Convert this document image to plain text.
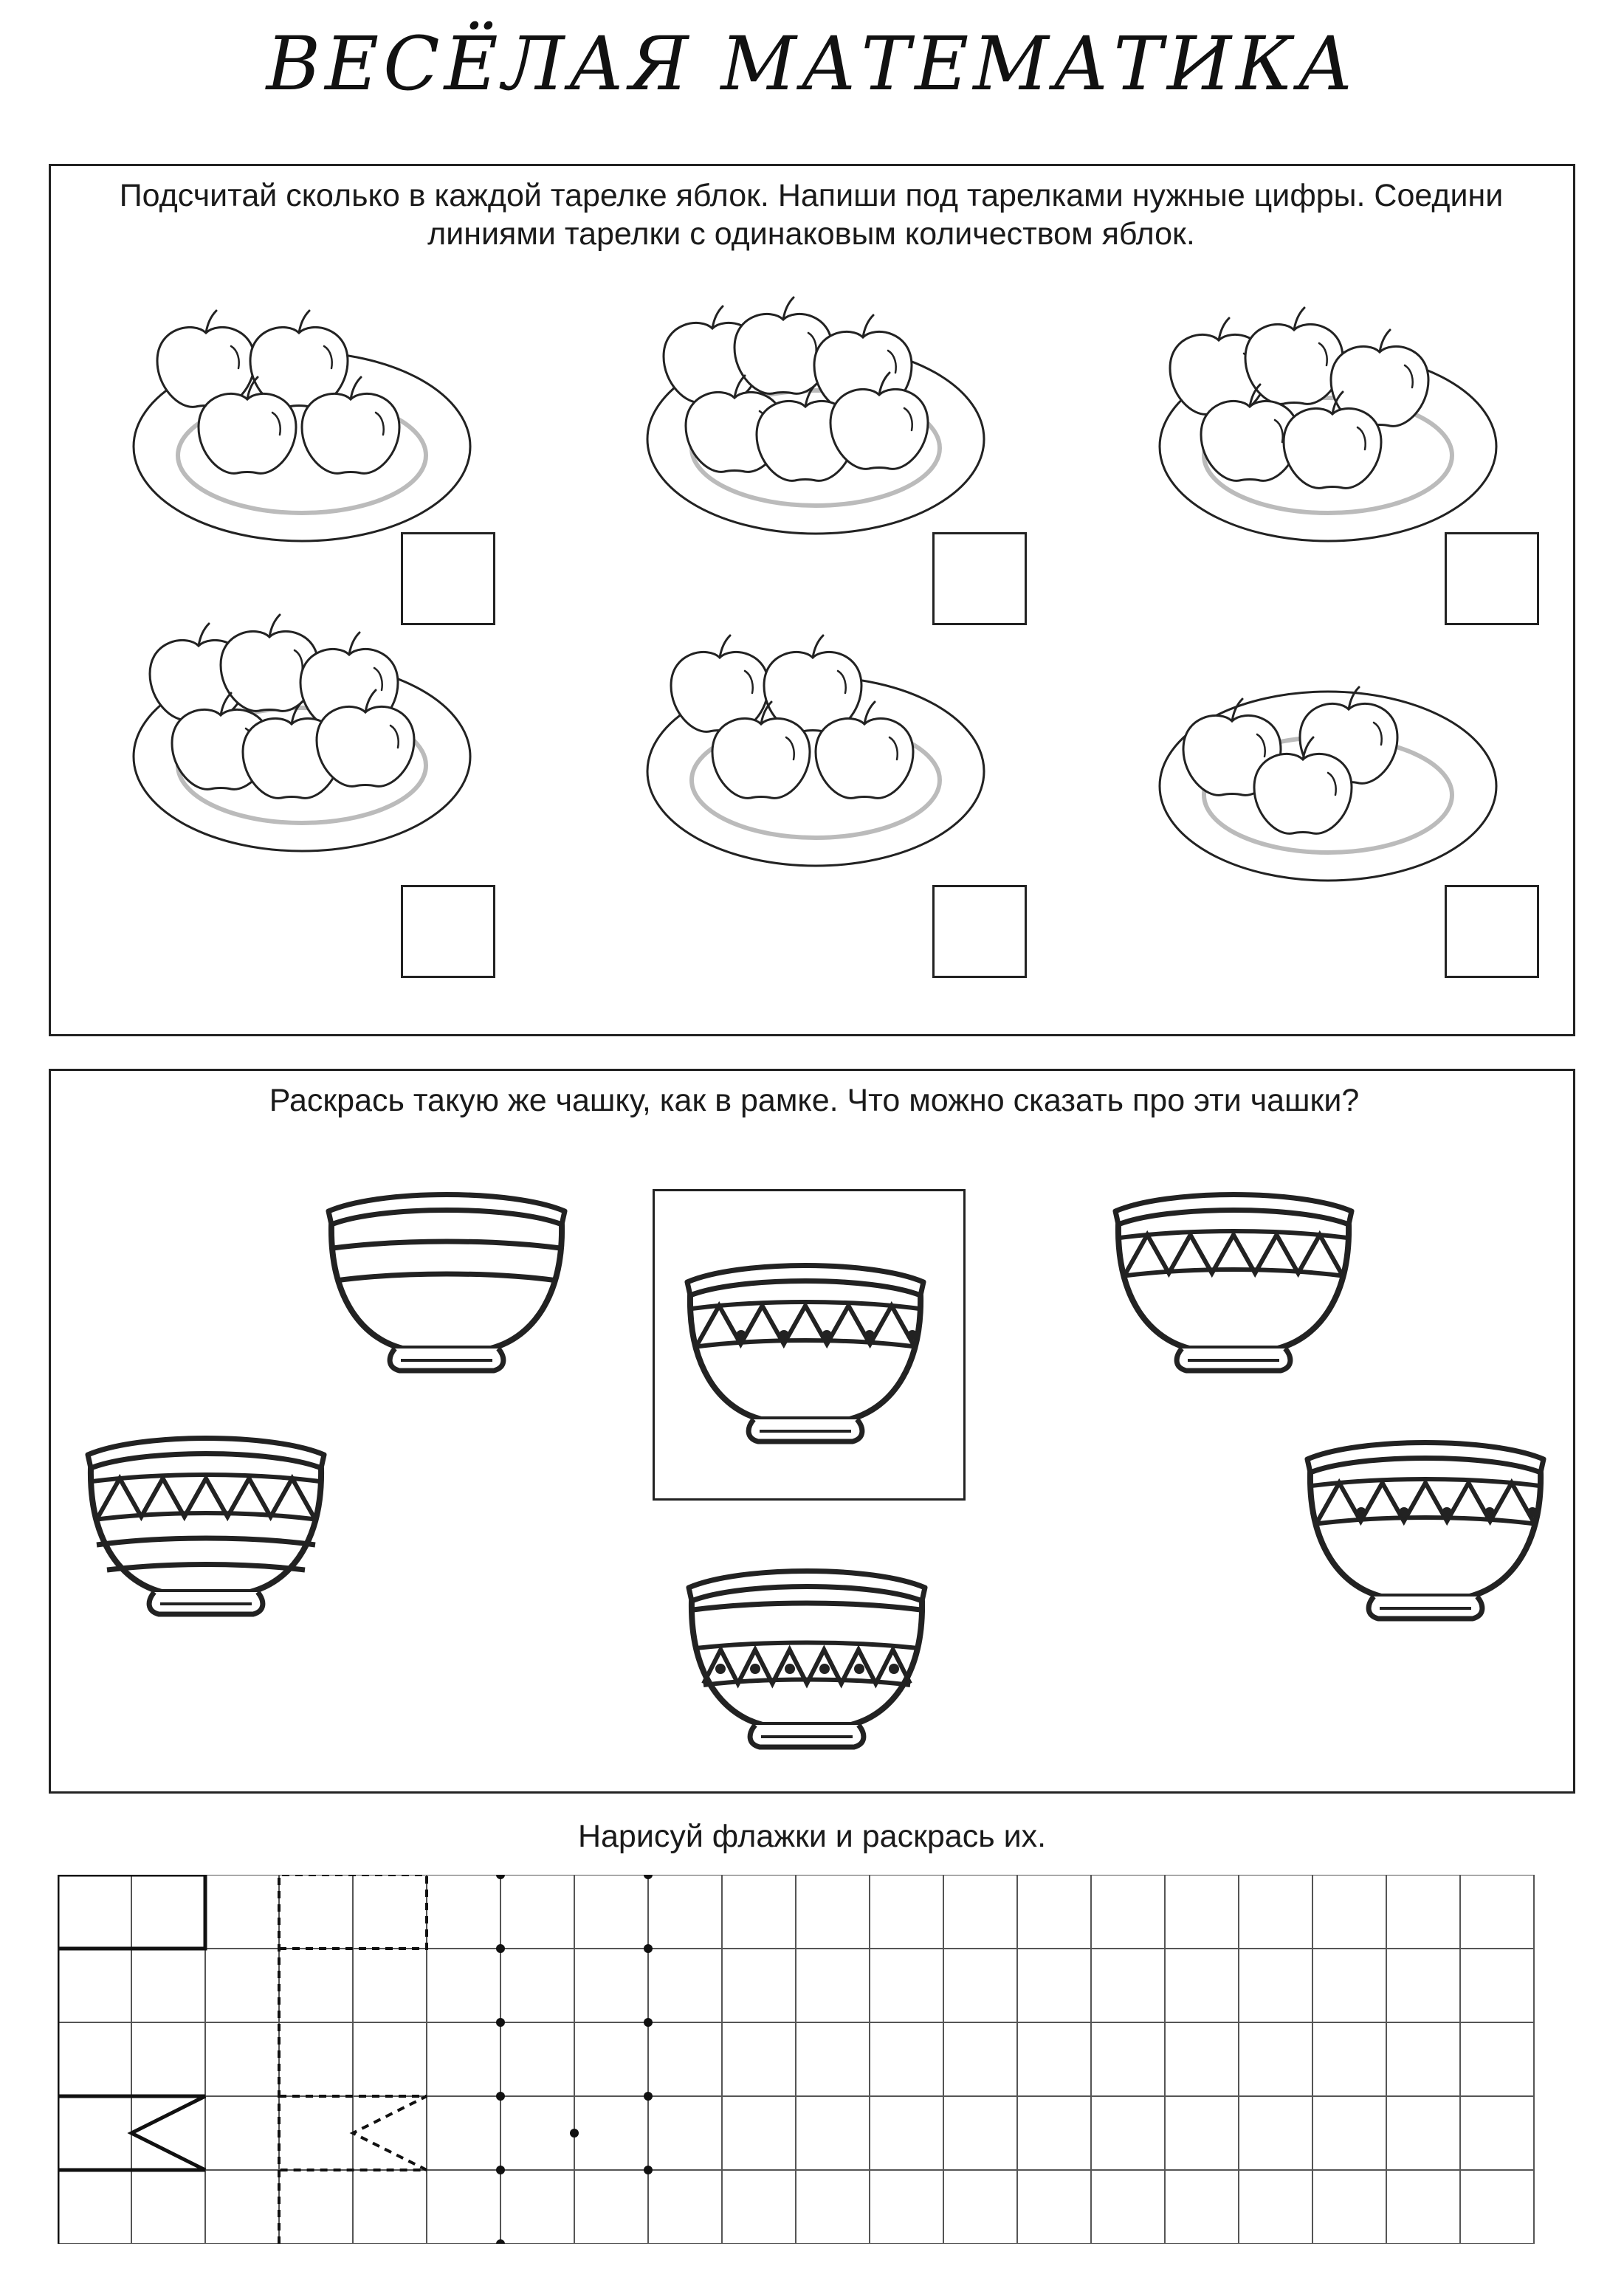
ВЕСЁЛАЯ МАТЕМАТИКА
Подсчитай сколько в каждой тарелке яблок. Напиши под тарелками нужные цифры. Соедини линиями тарелки с одинаковым количеством яблок.
Раскрась такую же чашку, как в рамке. Что можно сказать про эти чашки?
Нарисуй флажки и раскрась их.
